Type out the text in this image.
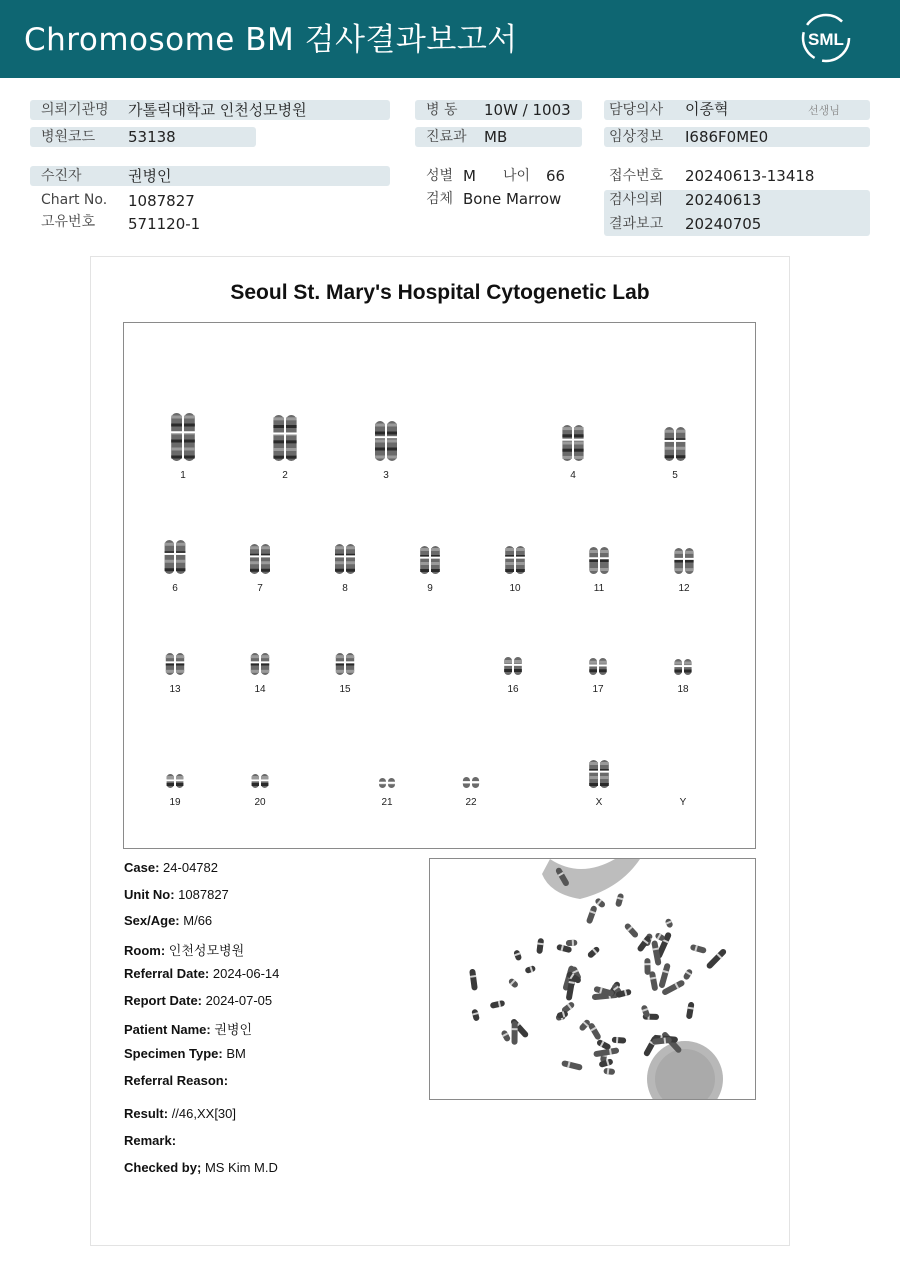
Chromosome BM 검사결과보고서	SML
의뢰기관명 가톨릭대학교 인천성모병원
병원코드 53138
병 동 10W / 1003
진료과 MB
담당의사 이종혁	선생님
임상정보 I686F0ME0
수진자	권병인
Chart No. 1087827
고유번호 571120-1
성별 M 나이 66
검체 Bone Marrow
접수번호 20240613-13418
검사의뢰 20240613
결과보고 20240705
Seoul St. Mary's Hospital Cytogenetic Lab
1	2	3	4	5
6	7	8	9	10	11	12
13	14	15	16	17	18
19	20	21	22	X	Y
Case: 24-04782
Unit No: 1087827
Sex/Age: M/66
Room: 인천성모병원
Referral Date: 2024-06-14
Report Date: 2024-07-05
Patient Name: 권병인
Specimen Type: BM
Referral Reason:
Result: //46,XX[30]
Remark:
Checked by; MS Kim M.D
